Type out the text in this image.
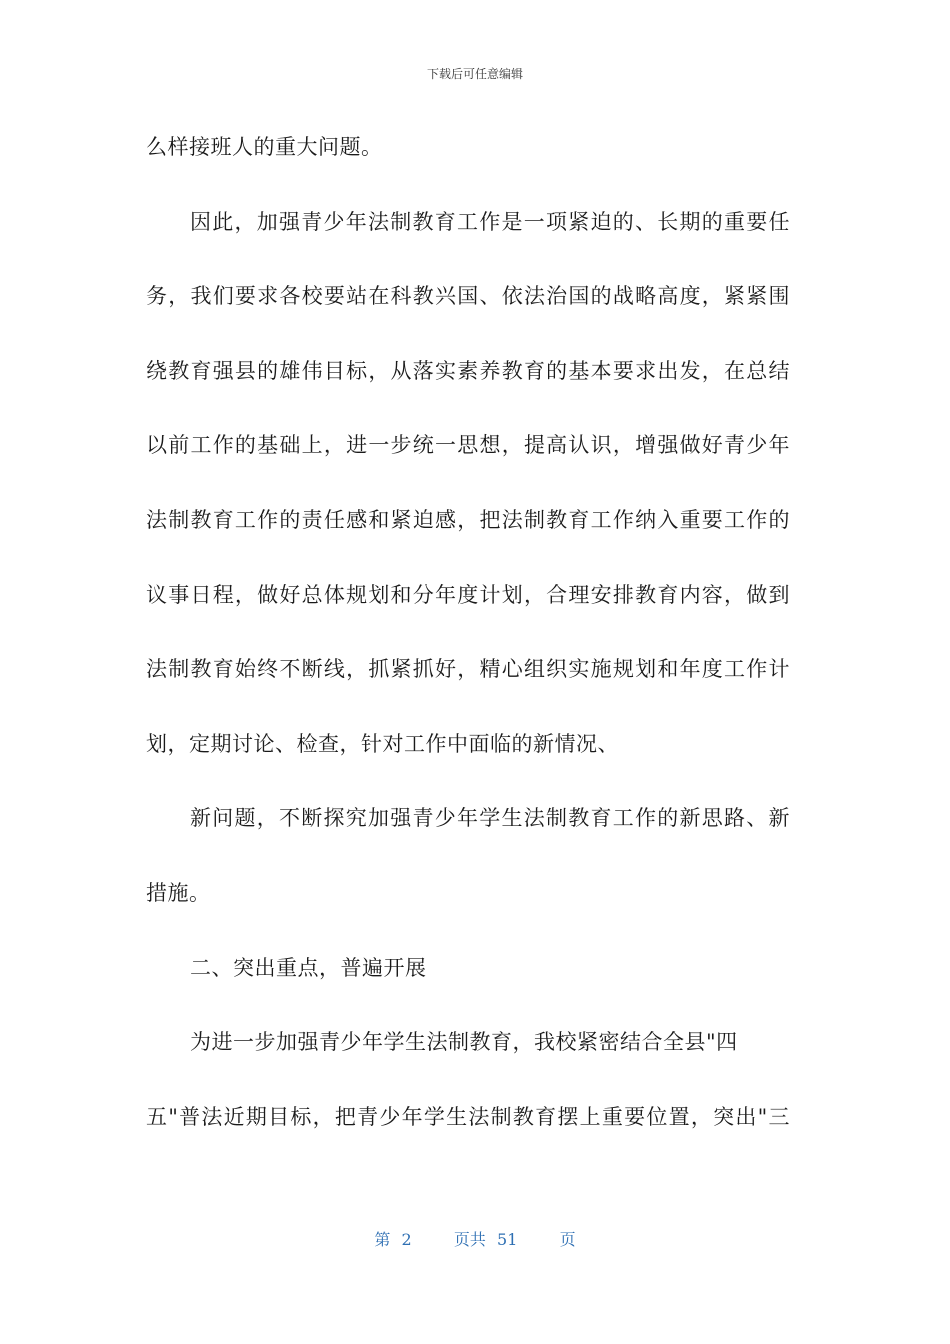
下载后可任意编辑
么样接班人的重大问题。
因此，加强青少年法制教育工作是一项紧迫的、长期的重要任
务，我们要求各校要站在科教兴国、依法治国的战略高度，紧紧围
绕教育强县的雄伟目标，从落实素养教育的基本要求出发，在总结
以前工作的基础上，进一步统一思想，提高认识，增强做好青少年
法制教育工作的责任感和紧迫感，把法制教育工作纳入重要工作的
议事日程，做好总体规划和分年度计划，合理安排教育内容，做到
法制教育始终不断线，抓紧抓好，精心组织实施规划和年度工作计
划，定期讨论、检查，针对工作中面临的新情况、
新问题，不断探究加强青少年学生法制教育工作的新思路、新
措施。
二、突出重点，普遍开展
为进一步加强青少年学生法制教育，我校紧密结合全县"四
五"普法近期目标，把青少年学生法制教育摆上重要位置，突出"三
第 2	页共 51	页
